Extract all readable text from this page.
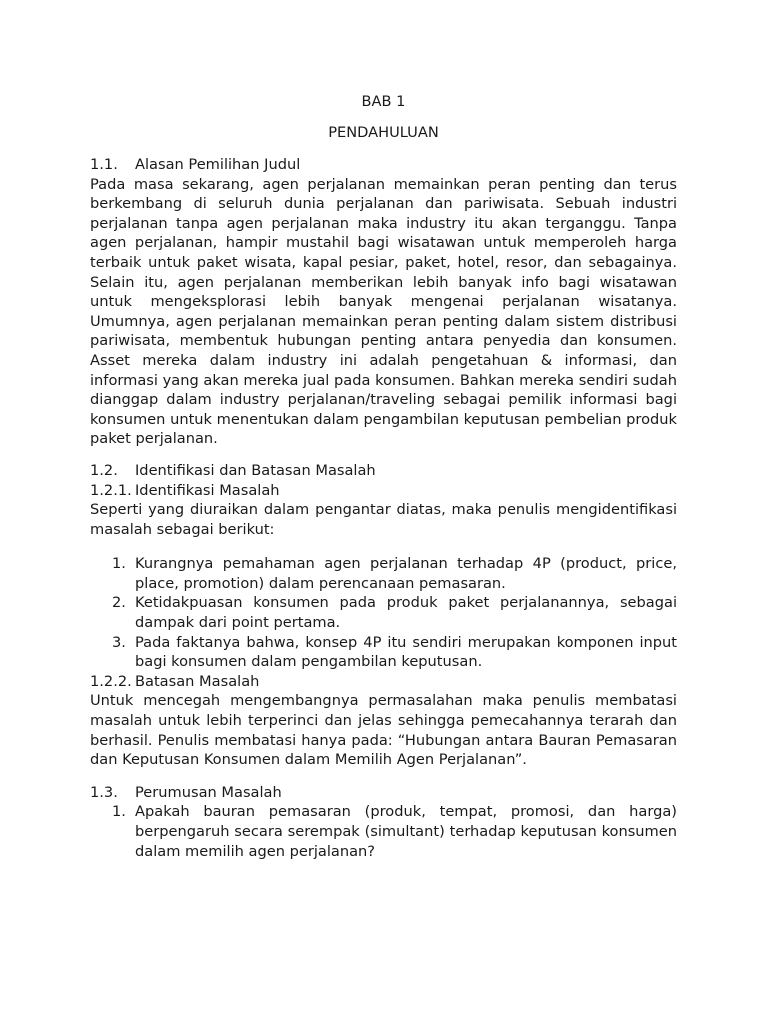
BAB 1

PENDAHULUAN

1.1.	Alasan Pemilihan Judul

Pada masa sekarang, agen perjalanan memainkan peran penting dan terus berkembang di seluruh dunia perjalanan dan pariwisata. Sebuah industri perjalanan tanpa agen perjalanan maka industry itu akan terganggu. Tanpa agen perjalanan, hampir mustahil bagi wisatawan untuk memperoleh harga terbaik untuk paket wisata, kapal pesiar, paket, hotel, resor, dan sebagainya. Selain itu, agen perjalanan memberikan lebih banyak info bagi wisatawan untuk mengeksplorasi lebih banyak mengenai perjalanan wisatanya. Umumnya, agen perjalanan memainkan peran penting dalam sistem distribusi pariwisata, membentuk hubungan penting antara penyedia dan konsumen. Asset mereka dalam industry ini adalah pengetahuan & informasi, dan informasi yang akan mereka jual pada konsumen. Bahkan mereka sendiri sudah dianggap dalam industry perjalanan/traveling sebagai pemilik informasi bagi konsumen untuk menentukan dalam pengambilan keputusan pembelian produk paket perjalanan.

1.2.	Identifikasi dan Batasan Masalah
1.2.1. Identifikasi Masalah

Seperti yang diuraikan dalam pengantar diatas, maka penulis mengidentifikasi masalah sebagai berikut:

1. Kurangnya pemahaman agen perjalanan terhadap 4P (product, price, place, promotion) dalam perencanaan pemasaran.
2. Ketidakpuasan konsumen pada produk paket perjalanannya, sebagai dampak dari point pertama.
3. Pada faktanya bahwa, konsep 4P itu sendiri merupakan komponen input bagi konsumen dalam pengambilan keputusan.
1.2.2. Batasan Masalah

Untuk mencegah mengembangnya permasalahan maka penulis membatasi masalah untuk lebih terperinci dan jelas sehingga pemecahannya terarah dan berhasil. Penulis membatasi hanya pada: “Hubungan antara Bauran Pemasaran dan Keputusan Konsumen dalam Memilih Agen Perjalanan”.

1.3.	Perumusan Masalah
1. Apakah bauran pemasaran (produk, tempat, promosi, dan harga) berpengaruh secara serempak (simultant) terhadap keputusan konsumen dalam memilih agen perjalanan?
